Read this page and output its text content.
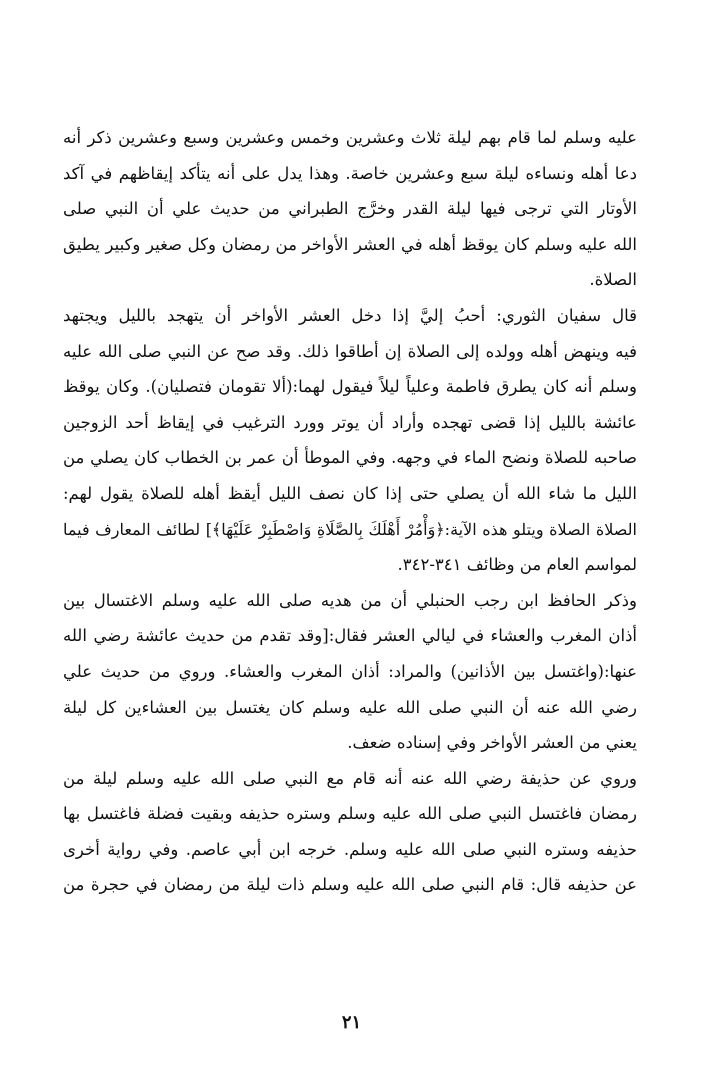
عليه وسلم لما قام بهم ليلة ثلاث وعشرين وخمس وعشرين وسبع وعشرين ذكر أنه
دعا أهله ونساءه ليلة سبع وعشرين خاصة. وهذا يدل على أنه يتأكد إيقاظهم في آكد
الأوتار التي ترجى فيها ليلة القدر وخرَّج الطبراني من حديث علي أن النبي صلى
الله عليه وسلم كان يوقظ أهله في العشر الأواخر من رمضان وكل صغير وكبير يطيق
الصلاة.
قال سفيان الثوري: أحبُ إليَّ إذا دخل العشر الأواخر أن يتهجد بالليل ويجتهد
فيه وينهض أهله وولده إلى الصلاة إن أطاقوا ذلك. وقد صح عن النبي صلى الله عليه
وسلم أنه كان يطرق فاطمة وعلياً ليلاً فيقول لهما:(ألا تقومان فتصليان). وكان يوقظ
عائشة بالليل إذا قضى تهجده وأراد أن يوتر وورد الترغيب في إيقاظ أحد الزوجين
صاحبه للصلاة ونضح الماء في وجهه. وفي الموطأ أن عمر بن الخطاب كان يصلي من
الليل ما شاء الله أن يصلي حتى إذا كان نصف الليل أيقظ أهله للصلاة يقول لهم:
الصلاة الصلاة ويتلو هذه الآية:﴿وَأْمُرْ أَهْلَكَ بِالصَّلَاةِ وَاصْطَبِرْ عَلَيْهَا﴾] لطائف المعارف فيما
لمواسم العام من وظائف ٣٤١-٣٤٢.
وذكر الحافظ ابن رجب الحنبلي أن من هديه صلى الله عليه وسلم الاغتسال بين
أذان المغرب والعشاء في ليالي العشر فقال:[وقد تقدم من حديث عائشة رضي الله
عنها:(واغتسل بين الأذانين) والمراد: أذان المغرب والعشاء. وروي من حديث علي
رضي الله عنه أن النبي صلى الله عليه وسلم كان يغتسل بين العشاءين كل ليلة
يعني من العشر الأواخر وفي إسناده ضعف.
وروي عن حذيفة رضي الله عنه أنه قام مع النبي صلى الله عليه وسلم ليلة من
رمضان فاغتسل النبي صلى الله عليه وسلم وستره حذيفه وبقيت فضلة فاغتسل بها
حذيفه وستره النبي صلى الله عليه وسلم. خرجه ابن أبي عاصم. وفي رواية أخرى
عن حذيفه قال: قام النبي صلى الله عليه وسلم ذات ليلة من رمضان في حجرة من
٢١
